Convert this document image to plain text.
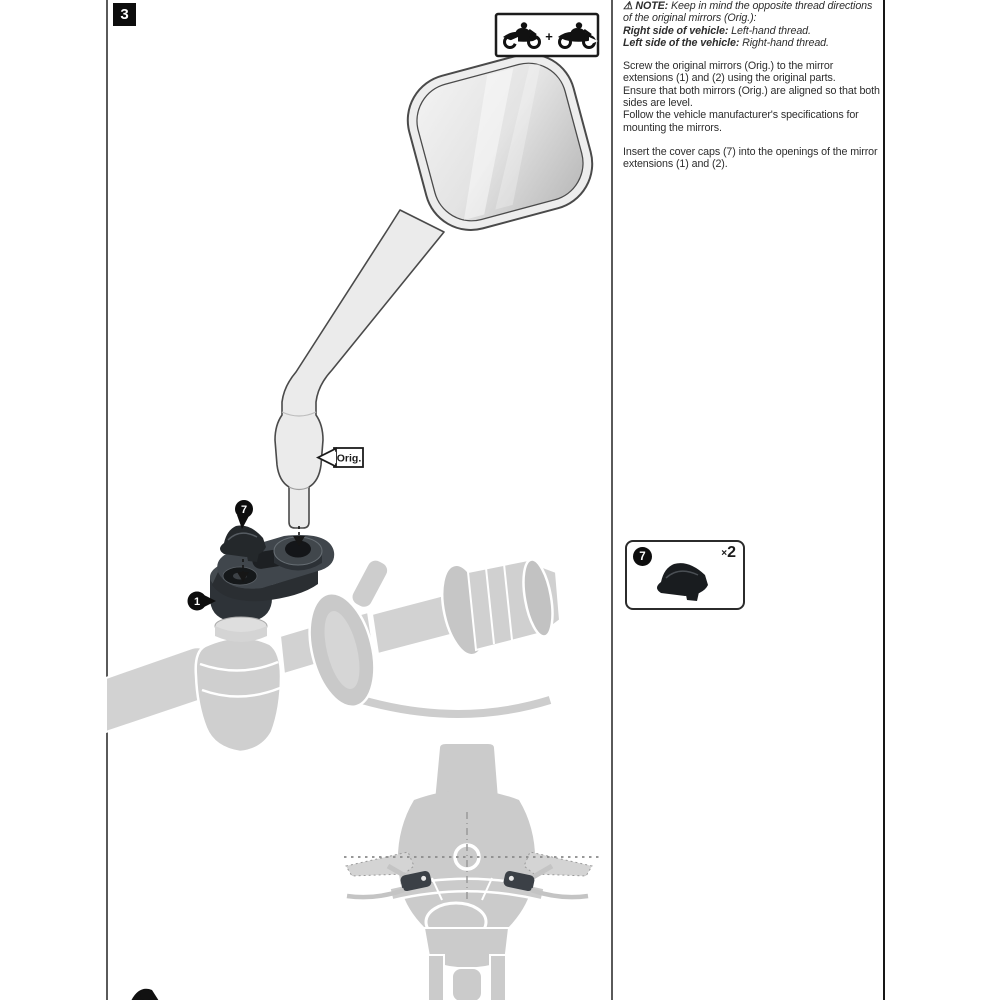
3
+
Orig.
7
1

⚠ NOTE: Keep in mind the opposite thread directions of the original mirrors (Orig.):

Right side of vehicle: Left-hand thread.

Left side of the vehicle: Right-hand thread.

Screw the original mirrors (Orig.) to the mirror extensions (1) and (2) using the original parts.

Ensure that both mirrors (Orig.) are aligned so that both sides are level.

Follow the vehicle manufacturer's specifications for mounting the mirrors.

Insert the cover caps (7) into the openings of the mirror extensions (1) and (2).

7	× 2
